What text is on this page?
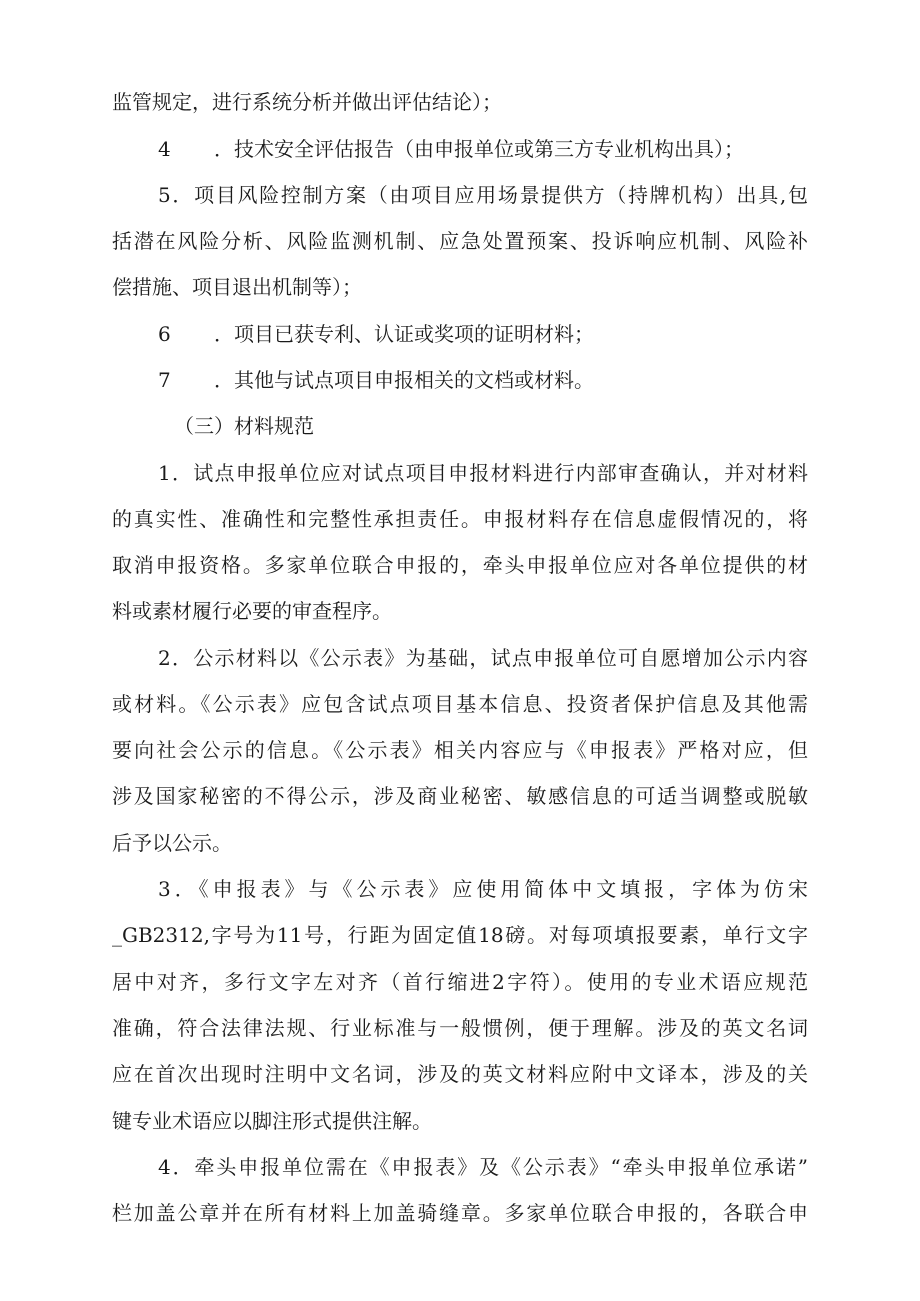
监管规定，进行系统分析并做出评估结论）；
4 ．技术安全评估报告（由申报单位或第三方专业机构出具）；
5．项目风险控制方案（由项目应用场景提供方（持牌机构）出具,包
括潜在风险分析、风险监测机制、应急处置预案、投诉响应机制、风险补
偿措施、项目退出机制等）；
6 ．项目已获专利、认证或奖项的证明材料；
7 ．其他与试点项目申报相关的文档或材料。
（三）材料规范
1．试点申报单位应对试点项目申报材料进行内部审查确认，并对材料
的真实性、准确性和完整性承担责任。申报材料存在信息虚假情况的，将
取消申报资格。多家单位联合申报的，牵头申报单位应对各单位提供的材
料或素材履行必要的审查程序。
2．公示材料以《公示表》为基础，试点申报单位可自愿增加公示内容
或材料。《公示表》应包含试点项目基本信息、投资者保护信息及其他需
要向社会公示的信息。《公示表》相关内容应与《申报表》严格对应，但
涉及国家秘密的不得公示，涉及商业秘密、敏感信息的可适当调整或脱敏
后予以公示。
3．《申报表》与《公示表》应使用简体中文填报，字体为仿宋
_GB2312,字号为11号，行距为固定值18磅。对每项填报要素，单行文字
居中对齐，多行文字左对齐（首行缩进2字符）。使用的专业术语应规范
准确，符合法律法规、行业标准与一般惯例，便于理解。涉及的英文名词
应在首次出现时注明中文名词，涉及的英文材料应附中文译本，涉及的关
键专业术语应以脚注形式提供注解。
4．牵头申报单位需在《申报表》及《公示表》“牵头申报单位承诺”
栏加盖公章并在所有材料上加盖骑缝章。多家单位联合申报的，各联合申
